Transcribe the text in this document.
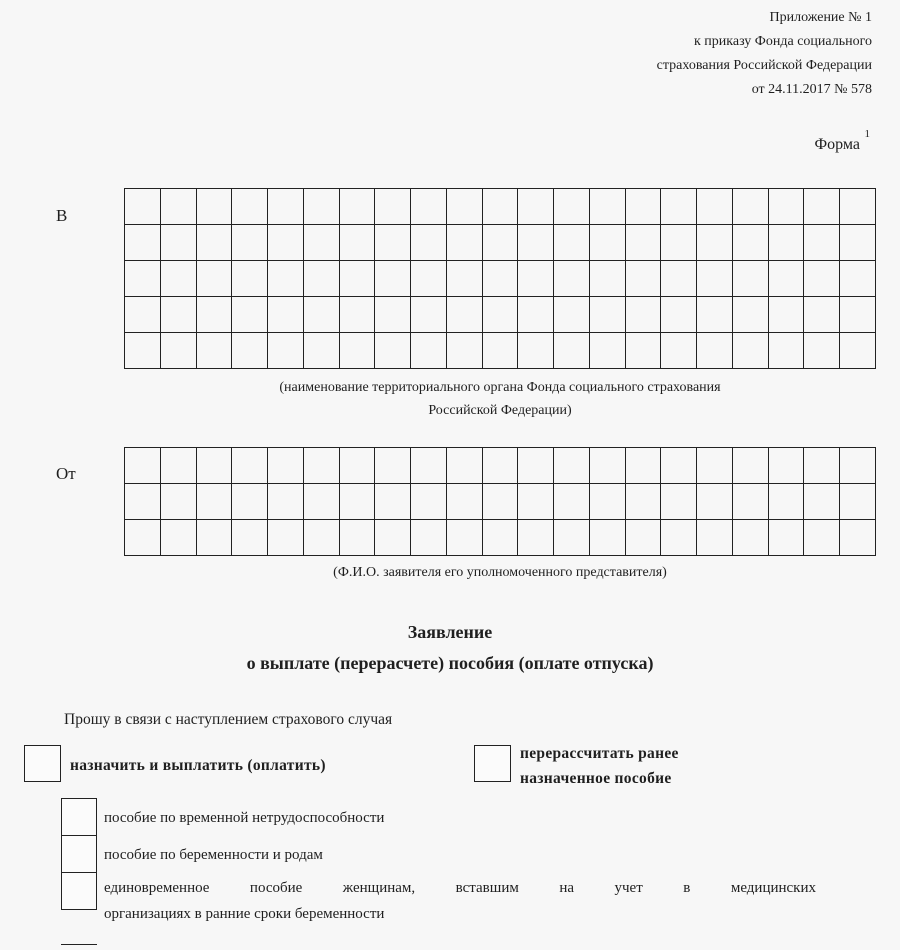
Приложение № 1
к приказу Фонда социального
страхования Российской Федерации
от 24.11.2017 № 578
Форма
1
В
(наименование территориального органа Фонда социального страхования
Российской Федерации)
От
(Ф.И.О. заявителя его уполномоченного представителя)
Заявление
о выплате (перерасчете) пособия (оплате отпуска)
Прошу в связи с наступлением страхового случая
назначить и выплатить (оплатить)
перерассчитать ранее
назначенное пособие
пособие по временной нетрудоспособности
пособие по беременности и родам
единовременное пособие женщинам, вставшим на учет в медицинских
организациях в ранние сроки беременности
